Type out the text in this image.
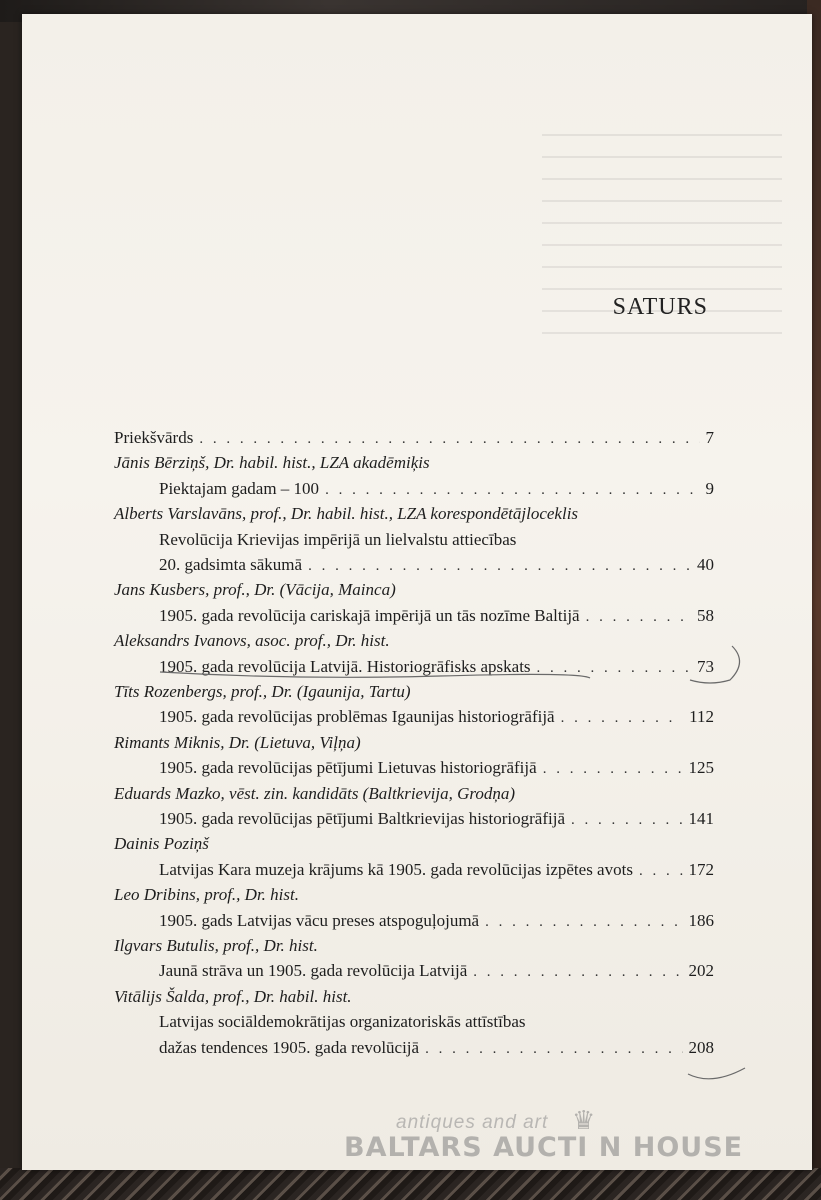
SATURS
Priekšvārds . . .	7
Jānis Bērziņš, Dr. habil. hist., LZA akadēmiķis
Piektajam gadam – 100 . . .	9
Alberts Varslavāns, prof., Dr. habil. hist., LZA korespondētājloceklis
Revolūcija Krievijas impērijā un lielvalstu attiecības
20. gadsimta sākumā . . .	40
Jans Kusbers, prof., Dr. (Vācija, Mainca)
1905. gada revolūcija cariskajā impērijā un tās nozīme Baltijā . . .	58
Aleksandrs Ivanovs, asoc. prof., Dr. hist.
1905. gada revolūcija Latvijā. Historiogrāfisks apskats . . .	73
Tīts Rozenbergs, prof., Dr. (Igaunija, Tartu)
1905. gada revolūcijas problēmas Igaunijas historiogrāfijā . . .	112
Rimants Miknis, Dr. (Lietuva, Viļņa)
1905. gada revolūcijas pētījumi Lietuvas historiogrāfijā . . .	125
Eduards Mazko, vēst. zin. kandidāts (Baltkrievija, Grodņa)
1905. gada revolūcijas pētījumi Baltkrievijas historiogrāfijā . . .	141
Dainis Poziņš
Latvijas Kara muzeja krājums kā 1905. gada revolūcijas izpētes avots . . .	172
Leo Dribins, prof., Dr. hist.
1905. gads Latvijas vācu preses atspoguļojumā . . .	186
Ilgvars Butulis, prof., Dr. hist.
Jaunā strāva un 1905. gada revolūcija Latvijā . . .	202
Vitālijs Šalda, prof., Dr. habil. hist.
Latvijas sociāldemokrātijas organizatoriskās attīstības
dažas tendences 1905. gada revolūcijā . . .	208
antiques and art ♛
BALTARS AUCTI N HOUSE
